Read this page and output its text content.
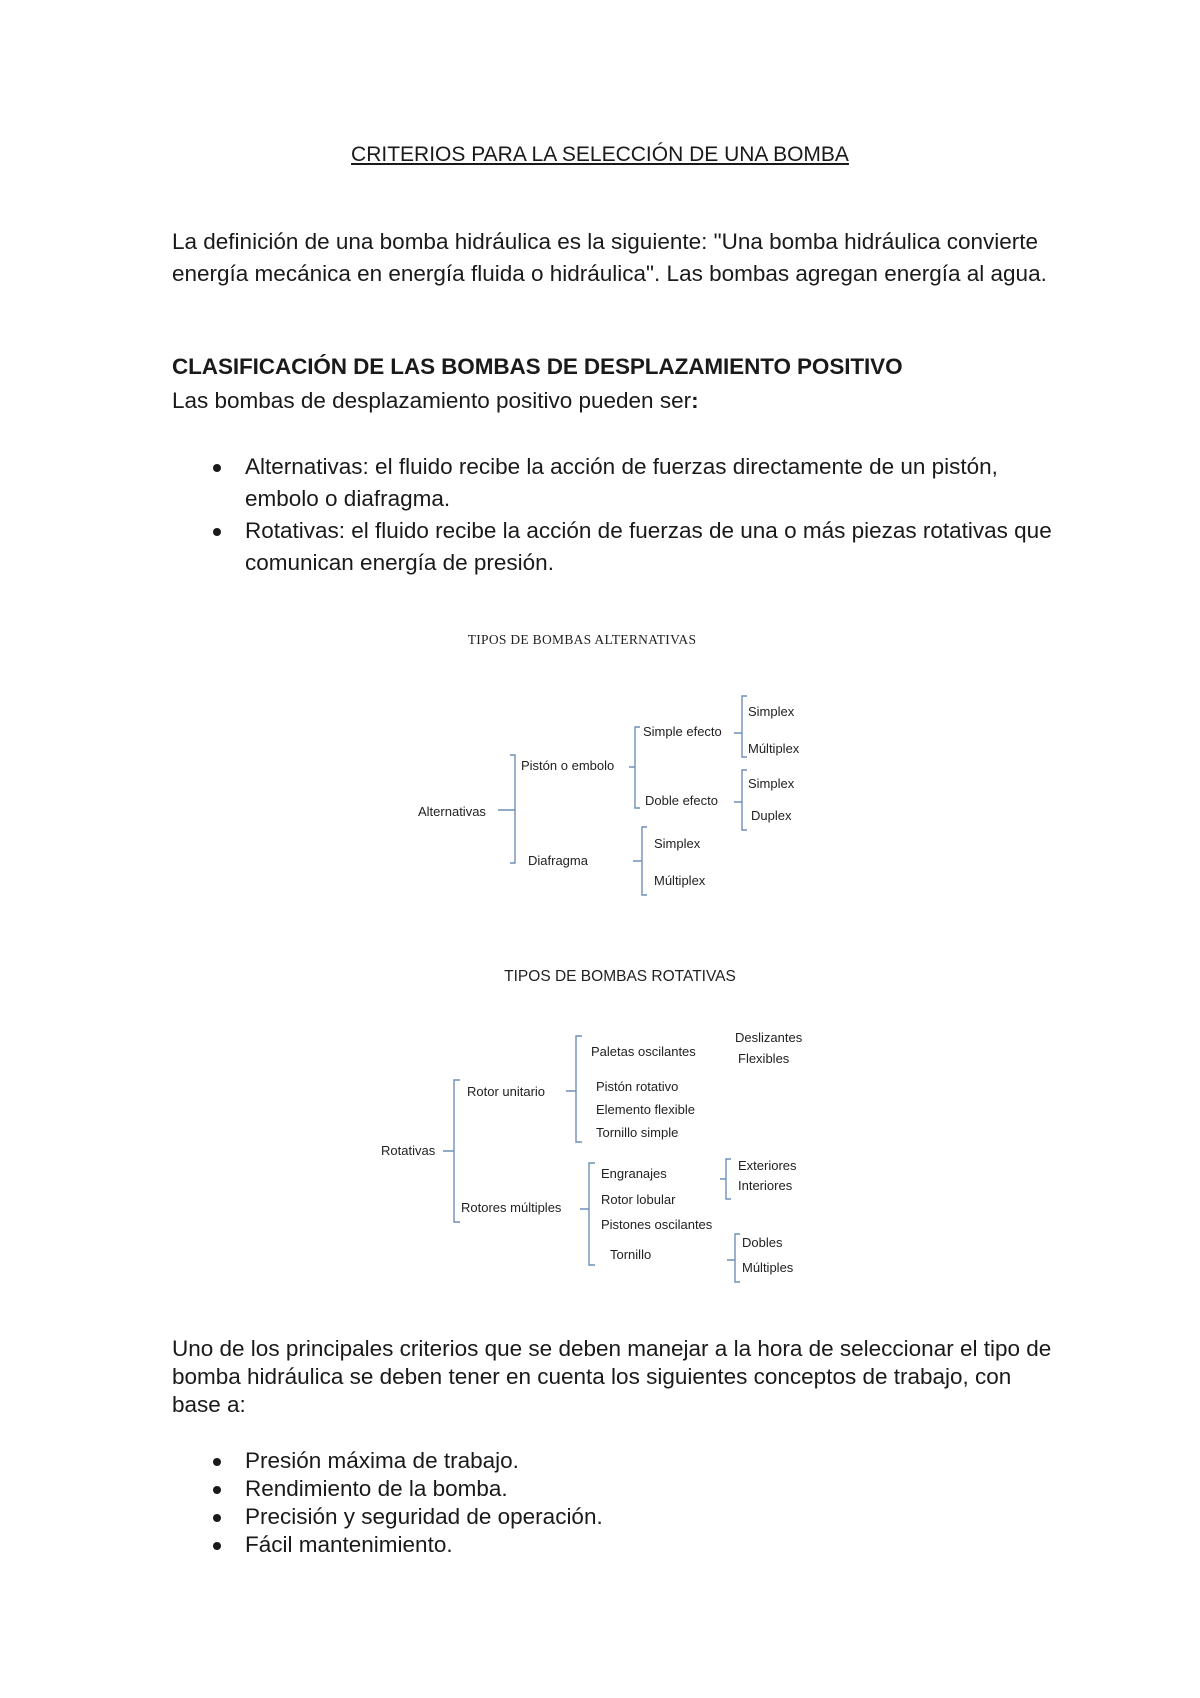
CRITERIOS PARA LA SELECCIÓN DE UNA BOMBA

La definición de una bomba hidráulica es la siguiente: "Una bomba hidráulica convierte energía mecánica en energía fluida o hidráulica". Las bombas agregan energía al agua.

CLASIFICACIÓN DE LAS BOMBAS DE DESPLAZAMIENTO POSITIVO

Las bombas de desplazamiento positivo pueden ser:

Alternativas: el fluido recibe la acción de fuerzas directamente de un pistón, embolo o diafragma.
Rotativas: el fluido recibe la acción de fuerzas de una o más piezas rotativas que comunican energía de presión.
TIPOS DE BOMBAS ALTERNATIVAS
Alternativas
Pistón o embolo
Diafragma
Simple efecto
Doble efecto
Simplex
Múltiplex
Simplex
Duplex
Simplex
Múltiplex
TIPOS DE BOMBAS ROTATIVAS
Rotativas
Rotor unitario
Rotores múltiples
Paletas oscilantes
Deslizantes
Flexibles
Pistón rotativo
Elemento flexible
Tornillo simple
Engranajes
Rotor lobular
Pistones oscilantes
Tornillo
Exteriores
Interiores
Dobles
Múltiples

Uno de los principales criterios que se deben manejar a la hora de seleccionar el tipo de bomba hidráulica se deben tener en cuenta los siguientes conceptos de trabajo, con base a:

Presión máxima de trabajo.
Rendimiento de la bomba.
Precisión y seguridad de operación.
Fácil mantenimiento.
